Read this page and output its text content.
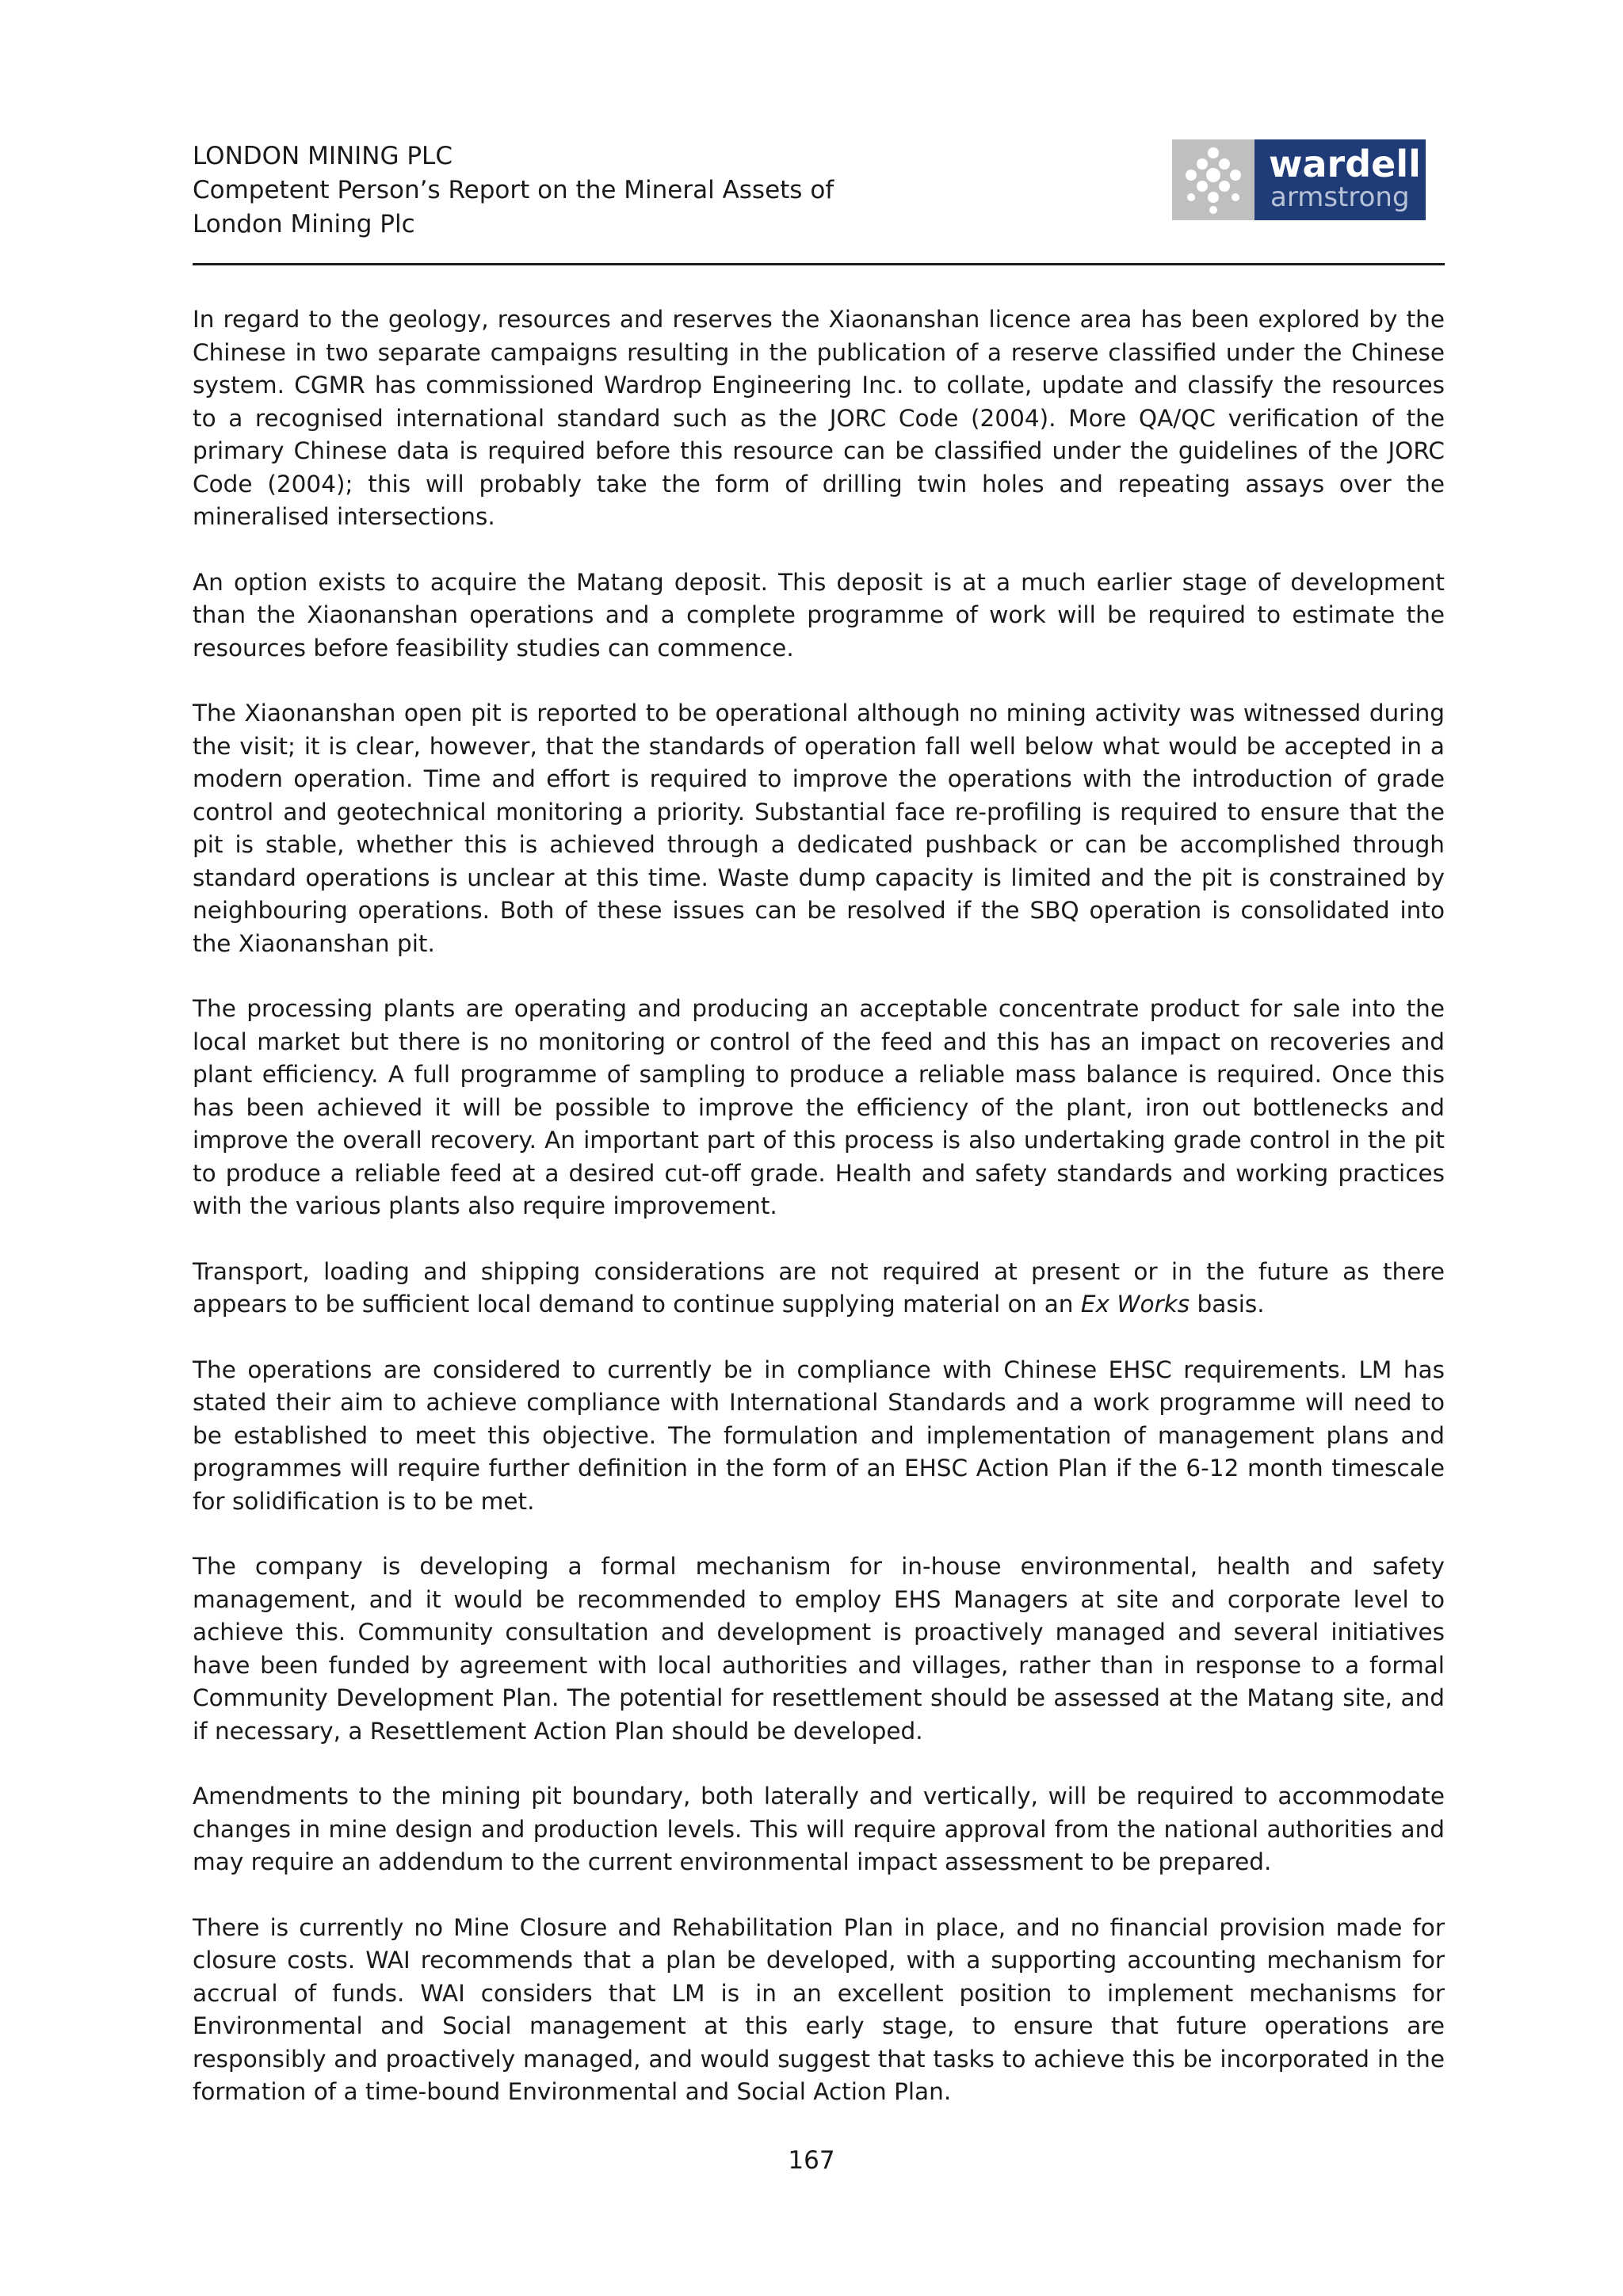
LONDON MINING PLC
Competent Person’s Report on the Mineral Assets of
London Mining Plc
wardell
armstrong

In regard to the geology, resources and reserves the Xiaonanshan licence area has been explored by the Chinese in two separate campaigns resulting in the publication of a reserve classified under the Chinese system. CGMR has commissioned Wardrop Engineering Inc. to collate, update and classify the resources to a recognised international standard such as the JORC Code (2004). More QA/QC verification of the primary Chinese data is required before this resource can be classified under the guidelines of the JORC Code (2004); this will probably take the form of drilling twin holes and repeating assays over the mineralised intersections.

An option exists to acquire the Matang deposit. This deposit is at a much earlier stage of development than the Xiaonanshan operations and a complete programme of work will be required to estimate the resources before feasibility studies can commence.

The Xiaonanshan open pit is reported to be operational although no mining activity was witnessed during the visit; it is clear, however, that the standards of operation fall well below what would be accepted in a modern operation. Time and effort is required to improve the operations with the introduction of grade control and geotechnical monitoring a priority. Substantial face re-profiling is required to ensure that the pit is stable, whether this is achieved through a dedicated pushback or can be accomplished through standard operations is unclear at this time. Waste dump capacity is limited and the pit is constrained by neighbouring operations. Both of these issues can be resolved if the SBQ operation is consolidated into the Xiaonanshan pit.

The processing plants are operating and producing an acceptable concentrate product for sale into the local market but there is no monitoring or control of the feed and this has an impact on recoveries and plant efficiency. A full programme of sampling to produce a reliable mass balance is required. Once this has been achieved it will be possible to improve the efficiency of the plant, iron out bottlenecks and improve the overall recovery. An important part of this process is also undertaking grade control in the pit to produce a reliable feed at a desired cut-off grade. Health and safety standards and working practices with the various plants also require improvement.

Transport, loading and shipping considerations are not required at present or in the future as there appears to be sufficient local demand to continue supplying material on an Ex Works basis.

The operations are considered to currently be in compliance with Chinese EHSC requirements. LM has stated their aim to achieve compliance with International Standards and a work programme will need to be established to meet this objective. The formulation and implementation of management plans and programmes will require further definition in the form of an EHSC Action Plan if the 6-12 month timescale for solidification is to be met.

The company is developing a formal mechanism for in-house environmental, health and safety management, and it would be recommended to employ EHS Managers at site and corporate level to achieve this. Community consultation and development is proactively managed and several initiatives have been funded by agreement with local authorities and villages, rather than in response to a formal Community Development Plan. The potential for resettlement should be assessed at the Matang site, and if necessary, a Resettlement Action Plan should be developed.

Amendments to the mining pit boundary, both laterally and vertically, will be required to accommodate changes in mine design and production levels. This will require approval from the national authorities and may require an addendum to the current environmental impact assessment to be prepared.

There is currently no Mine Closure and Rehabilitation Plan in place, and no financial provision made for closure costs. WAI recommends that a plan be developed, with a supporting accounting mechanism for accrual of funds. WAI considers that LM is in an excellent position to implement mechanisms for Environmental and Social management at this early stage, to ensure that future operations are responsibly and proactively managed, and would suggest that tasks to achieve this be incorporated in the formation of a time-bound Environmental and Social Action Plan.

167
